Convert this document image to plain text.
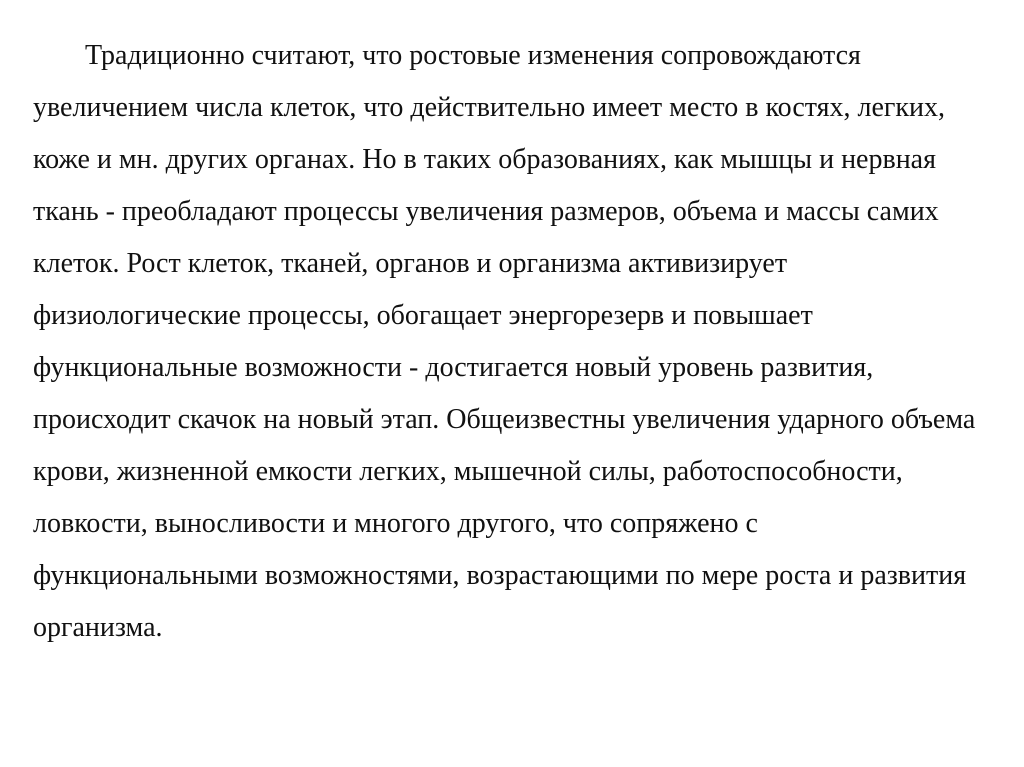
Традиционно считают, что ростовые изменения сопровождаются
увеличением числа клеток, что действительно имеет место в костях, легких,
коже и мн. других органах. Но в таких образованиях, как мышцы и нервная
ткань - преобладают процессы увеличения размеров, объема и массы самих
клеток. Рост клеток, тканей, органов и организма активизирует
физиологические процессы, обогащает энергорезерв и повышает
функциональные возможности - достигается новый уровень развития,
происходит скачок на новый этап. Общеизвестны увеличения ударного объема
крови, жизненной емкости легких, мышечной силы, работоспособности,
ловкости, выносливости и многого другого, что сопряжено с
функциональными возможностями, возрастающими по мере роста и развития
организма.
